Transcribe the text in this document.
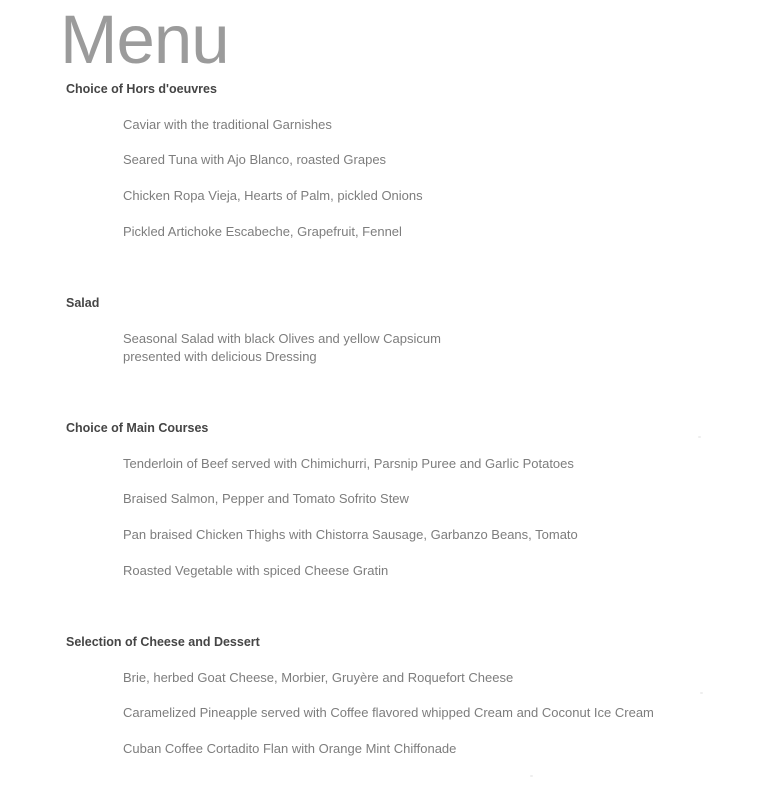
Menu
Choice of Hors d'oeuvres

Caviar with the traditional Garnishes

Seared Tuna with Ajo Blanco, roasted Grapes

Chicken Ropa Vieja, Hearts of Palm, pickled Onions

Pickled Artichoke Escabeche, Grapefruit, Fennel

Salad

Seasonal Salad with black Olives and yellow Capsicum
presented with delicious Dressing

Choice of Main Courses

Tenderloin of Beef served with Chimichurri, Parsnip Puree and Garlic Potatoes

Braised Salmon, Pepper and Tomato Sofrito Stew

Pan braised Chicken Thighs with Chistorra Sausage, Garbanzo Beans, Tomato

Roasted Vegetable with spiced Cheese Gratin

Selection of Cheese and Dessert

Brie, herbed Goat Cheese, Morbier, Gruyère and Roquefort Cheese

Caramelized Pineapple served with Coffee flavored whipped Cream and Coconut Ice Cream

Cuban Coffee Cortadito Flan with Orange Mint Chiffonade
